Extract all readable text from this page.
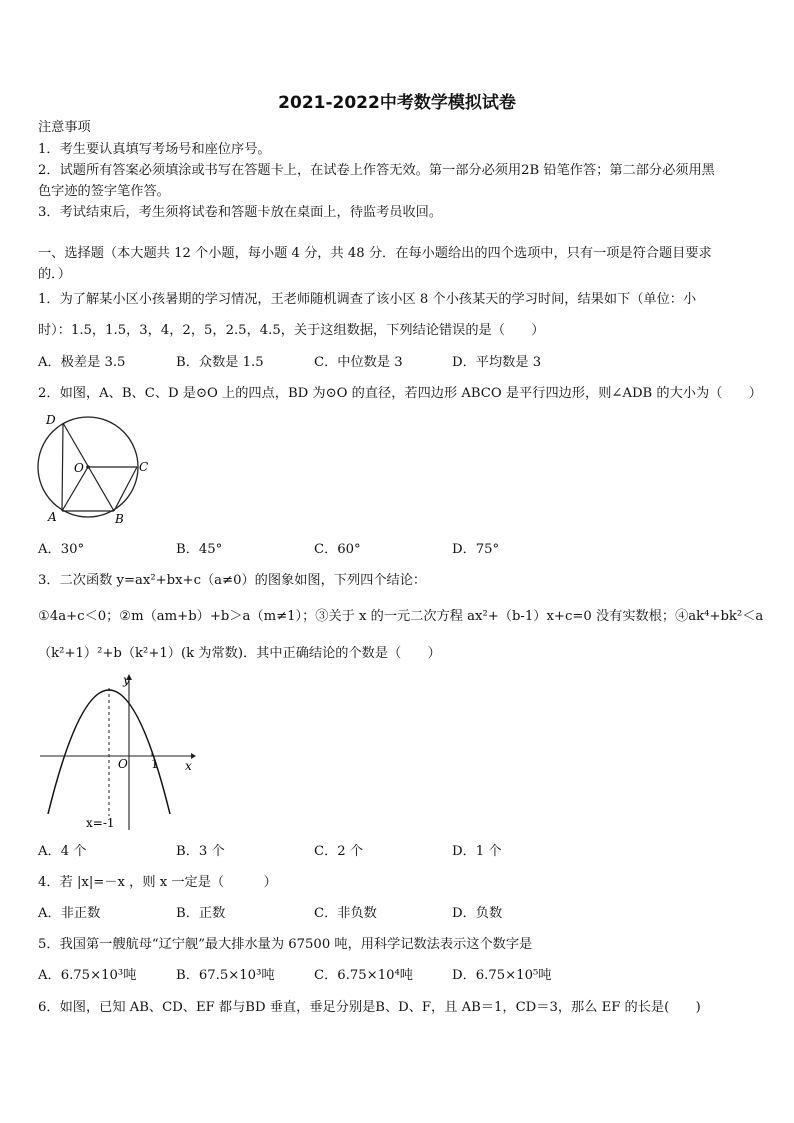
2021-2022中考数学模拟试卷
注意事项
1．考生要认真填写考场号和座位序号。
2．试题所有答案必须填涂或书写在答题卡上，在试卷上作答无效。第一部分必须用2B 铅笔作答；第二部分必须用黑
色字迹的签字笔作答。
3．考试结束后，考生须将试卷和答题卡放在桌面上，待监考员收回。
一、选择题（本大题共 12 个小题，每小题 4 分，共 48 分．在每小题给出的四个选项中，只有一项是符合题目要求
的．）
1．为了解某小区小孩暑期的学习情况，王老师随机调查了该小区 8 个小孩某天的学习时间，结果如下（单位：小
时）：1.5，1.5，3，4，2，5，2.5，4.5，关于这组数据，下列结论错误的是（　　）
A．极差是 3.5	B．众数是 1.5	C．中位数是 3	D．平均数是 3
2．如图，A、B、C、D 是⊙O 上的四点，BD 为⊙O 的直径，若四边形 ABCO 是平行四边形，则∠ADB 的大小为（　　）
D
O	C
A	B
A．30°	B．45°	C．60°	D．75°
3．二次函数 y=ax²+bx+c（a≠0）的图象如图，下列四个结论：
①4a+c＜0；②m（am+b）+b＞a（m≠1）；③关于 x 的一元二次方程 ax²+（b-1）x+c=0 没有实数根；④ak⁴+bk²＜a
（k²+1）²+b（k²+1）(k 为常数)．其中正确结论的个数是（　　）
y
x
O 1
x=-1
A．4 个	B．3 个	C．2 个	D．1 个
4．若 |x|=－x ，则 x 一定是（　　　）
A．非正数	B．正数	C．非负数	D．负数
5．我国第一艘航母“辽宁舰”最大排水量为 67500 吨，用科学记数法表示这个数字是
A．6.75×10³吨	B．67.5×10³吨	C．6.75×10⁴吨	D．6.75×10⁵吨
6．如图，已知 AB、CD、EF 都与BD 垂直，垂足分别是B、D、F，且 AB＝1，CD＝3，那么 EF 的长是(　　)
